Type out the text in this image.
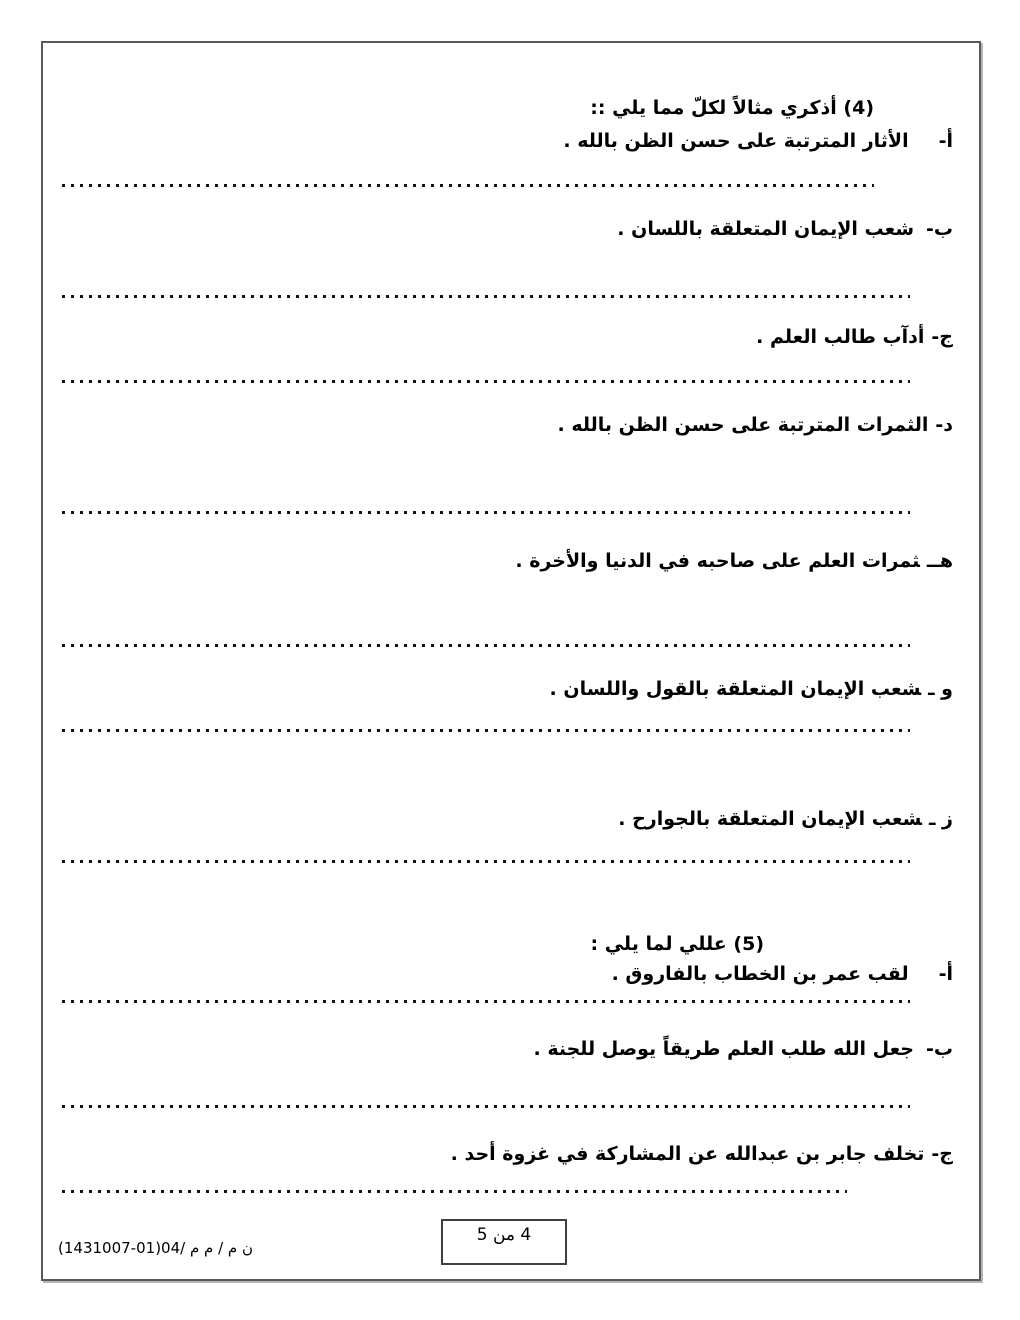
(4) أذكري مثالاً لكلّ مما يلي ::
أ-الأثار المترتبة على حسن الظن بالله .
ب-شعب الإيمان المتعلقة باللسان .
ج-أدآب طالب العلم .
د-الثمرات المترتبة على حسن الظن بالله .
هــثمرات العلم على صاحبه في الدنيا والأخرة .
و ـشعب الإيمان المتعلقة بالقول واللسان .
ز ـشعب الإيمان المتعلقة بالجوارح .
(5) عللي لما يلي :
أ-لقب عمر بن الخطاب بالفاروق .
ب-جعل الله طلب العلم طريقاً يوصل للجنة .
ج-تخلف جابر بن عبدالله عن المشاركة في غزوة أحد .
4 من 5
ن م / م م /04(01-1431007)
